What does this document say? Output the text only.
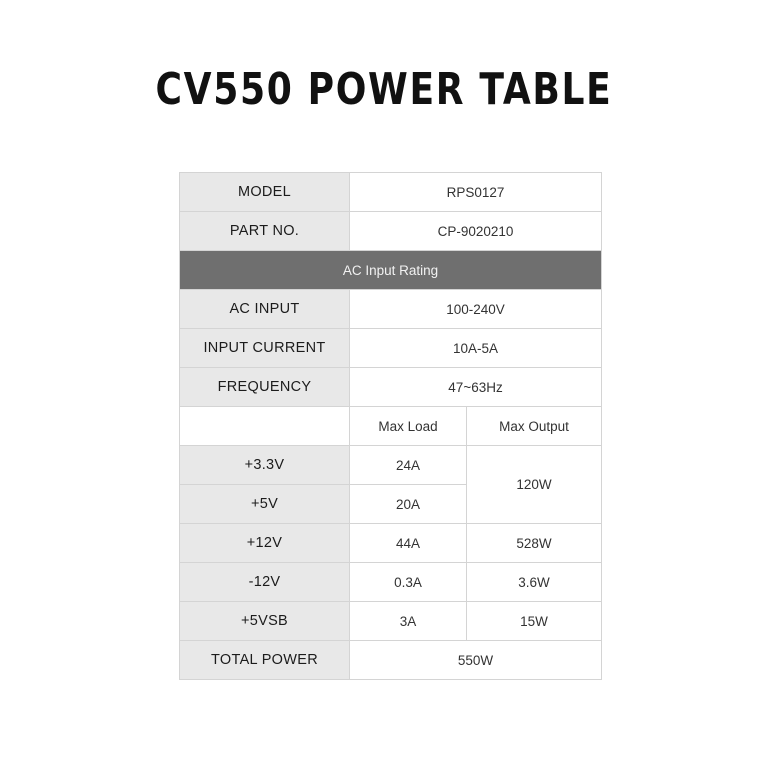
CV550 POWER TABLE
MODEL	RPS0127	
PART NO.	CP-9020210	
AC Input Rating		
AC INPUT	100-240V	
INPUT CURRENT	10A-5A	
FREQUENCY	47~63Hz	
	Max Load	Max Output
+3.3V	24A	120W
+5V	20A	
+12V	44A	528W
-12V	0.3A	3.6W
+5VSB	3A	15W
TOTAL POWER	550W	
